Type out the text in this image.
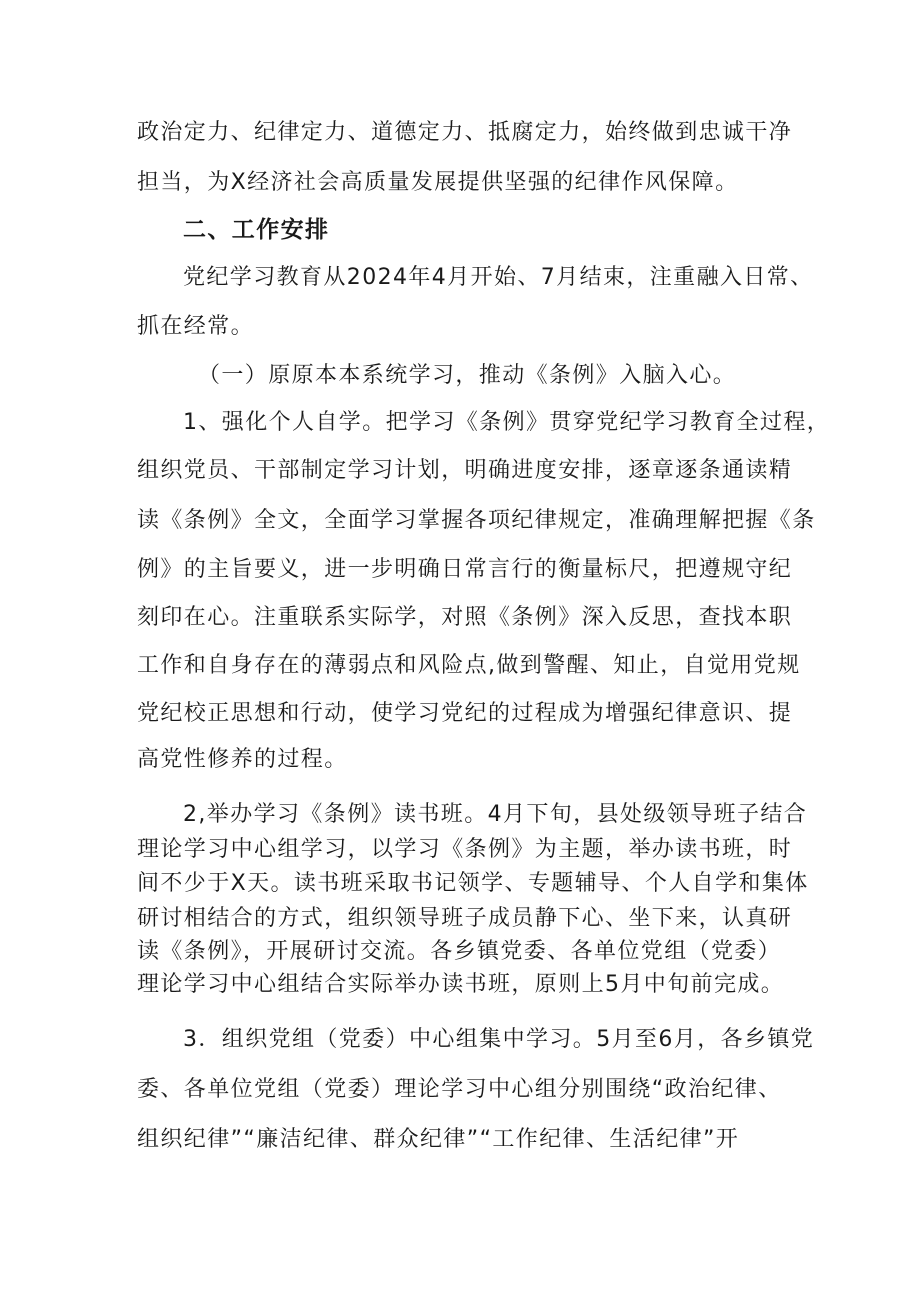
政治定力、纪律定力、道德定力、抵腐定力，始终做到忠诚干净
担当，为X经济社会高质量发展提供坚强的纪律作风保障。
二、工作安排
党纪学习教育从2024年4月开始、7月结束，注重融入日常、
抓在经常。
（一）原原本本系统学习，推动《条例》入脑入心。
1、强化个人自学。把学习《条例》贯穿党纪学习教育全过程，
组织党员、干部制定学习计划，明确进度安排，逐章逐条通读精
读《条例》全文，全面学习掌握各项纪律规定，准确理解把握《条
例》的主旨要义，进一步明确日常言行的衡量标尺，把遵规守纪
刻印在心。注重联系实际学，对照《条例》深入反思，查找本职
工作和自身存在的薄弱点和风险点,做到警醒、知止，自觉用党规
党纪校正思想和行动，使学习党纪的过程成为增强纪律意识、提
高党性修养的过程。
2,举办学习《条例》读书班。4月下旬，县处级领导班子结合
理论学习中心组学习，以学习《条例》为主题，举办读书班，时
间不少于X天。读书班采取书记领学、专题辅导、个人自学和集体
研讨相结合的方式，组织领导班子成员静下心、坐下来，认真研
读《条例》，开展研讨交流。各乡镇党委、各单位党组（党委）
理论学习中心组结合实际举办读书班，原则上5月中旬前完成。
3．组织党组（党委）中心组集中学习。5月至6月，各乡镇党
委、各单位党组（党委）理论学习中心组分别围绕“政治纪律、
组织纪律”“廉洁纪律、群众纪律”“工作纪律、生活纪律”开
